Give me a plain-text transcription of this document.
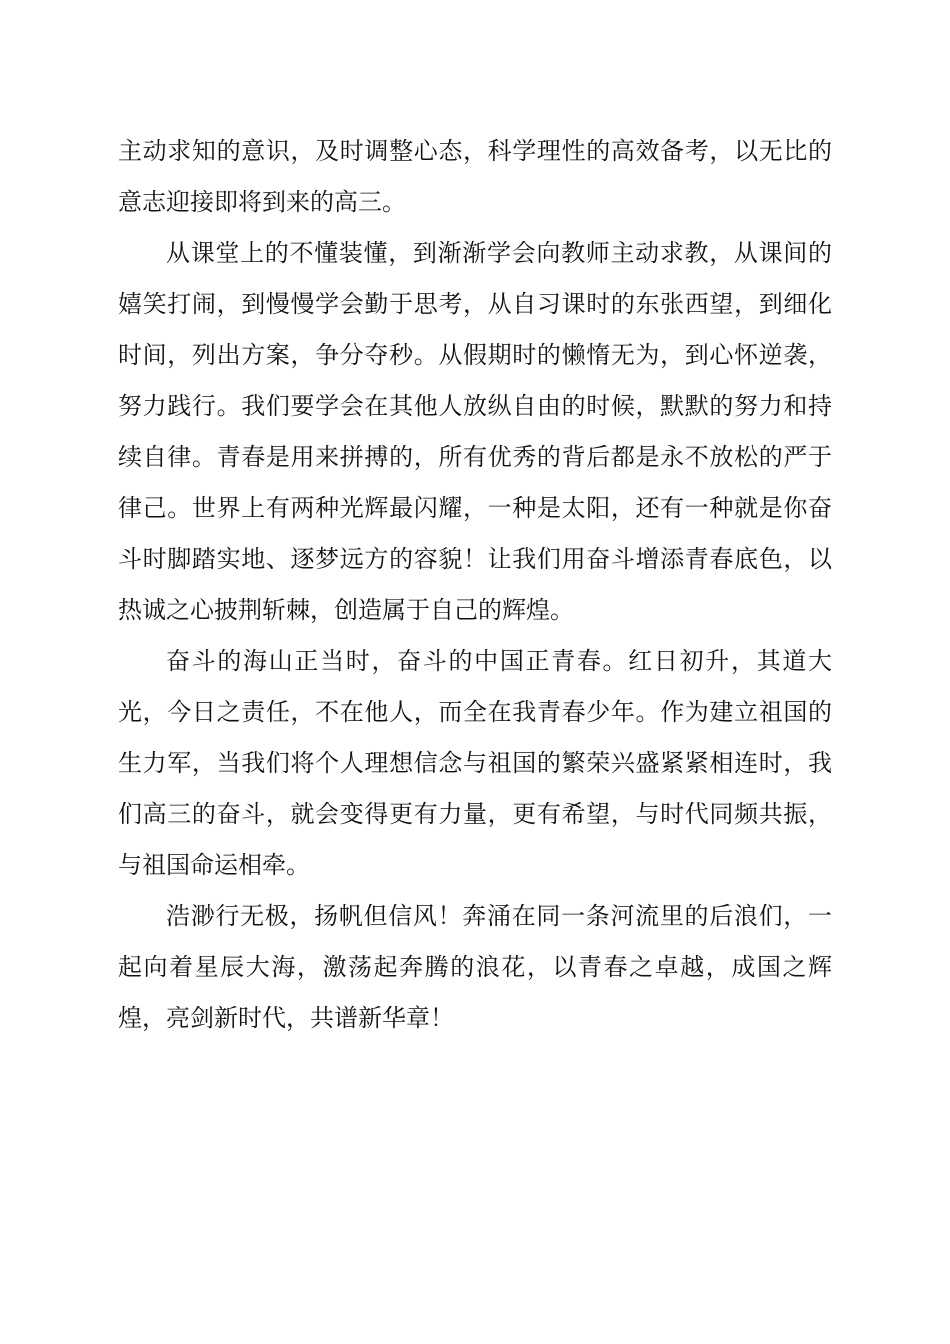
主动求知的意识，及时调整心态，科学理性的高效备考，以无比的意志迎接即将到来的高三。

从课堂上的不懂装懂，到渐渐学会向教师主动求教，从课间的嬉笑打闹，到慢慢学会勤于思考，从自习课时的东张西望，到细化时间，列出方案，争分夺秒。从假期时的懒惰无为，到心怀逆袭，努力践行。我们要学会在其他人放纵自由的时候，默默的努力和持续自律。青春是用来拼搏的，所有优秀的背后都是永不放松的严于律己。世界上有两种光辉最闪耀，一种是太阳，还有一种就是你奋斗时脚踏实地、逐梦远方的容貌！让我们用奋斗增添青春底色，以热诚之心披荆斩棘，创造属于自己的辉煌。

奋斗的海山正当时，奋斗的中国正青春。红日初升，其道大光，今日之责任，不在他人，而全在我青春少年。作为建立祖国的生力军，当我们将个人理想信念与祖国的繁荣兴盛紧紧相连时，我们高三的奋斗，就会变得更有力量，更有希望，与时代同频共振，与祖国命运相牵。

浩渺行无极，扬帆但信风！奔涌在同一条河流里的后浪们，一起向着星辰大海，激荡起奔腾的浪花，以青春之卓越，成国之辉煌，亮剑新时代，共谱新华章！
